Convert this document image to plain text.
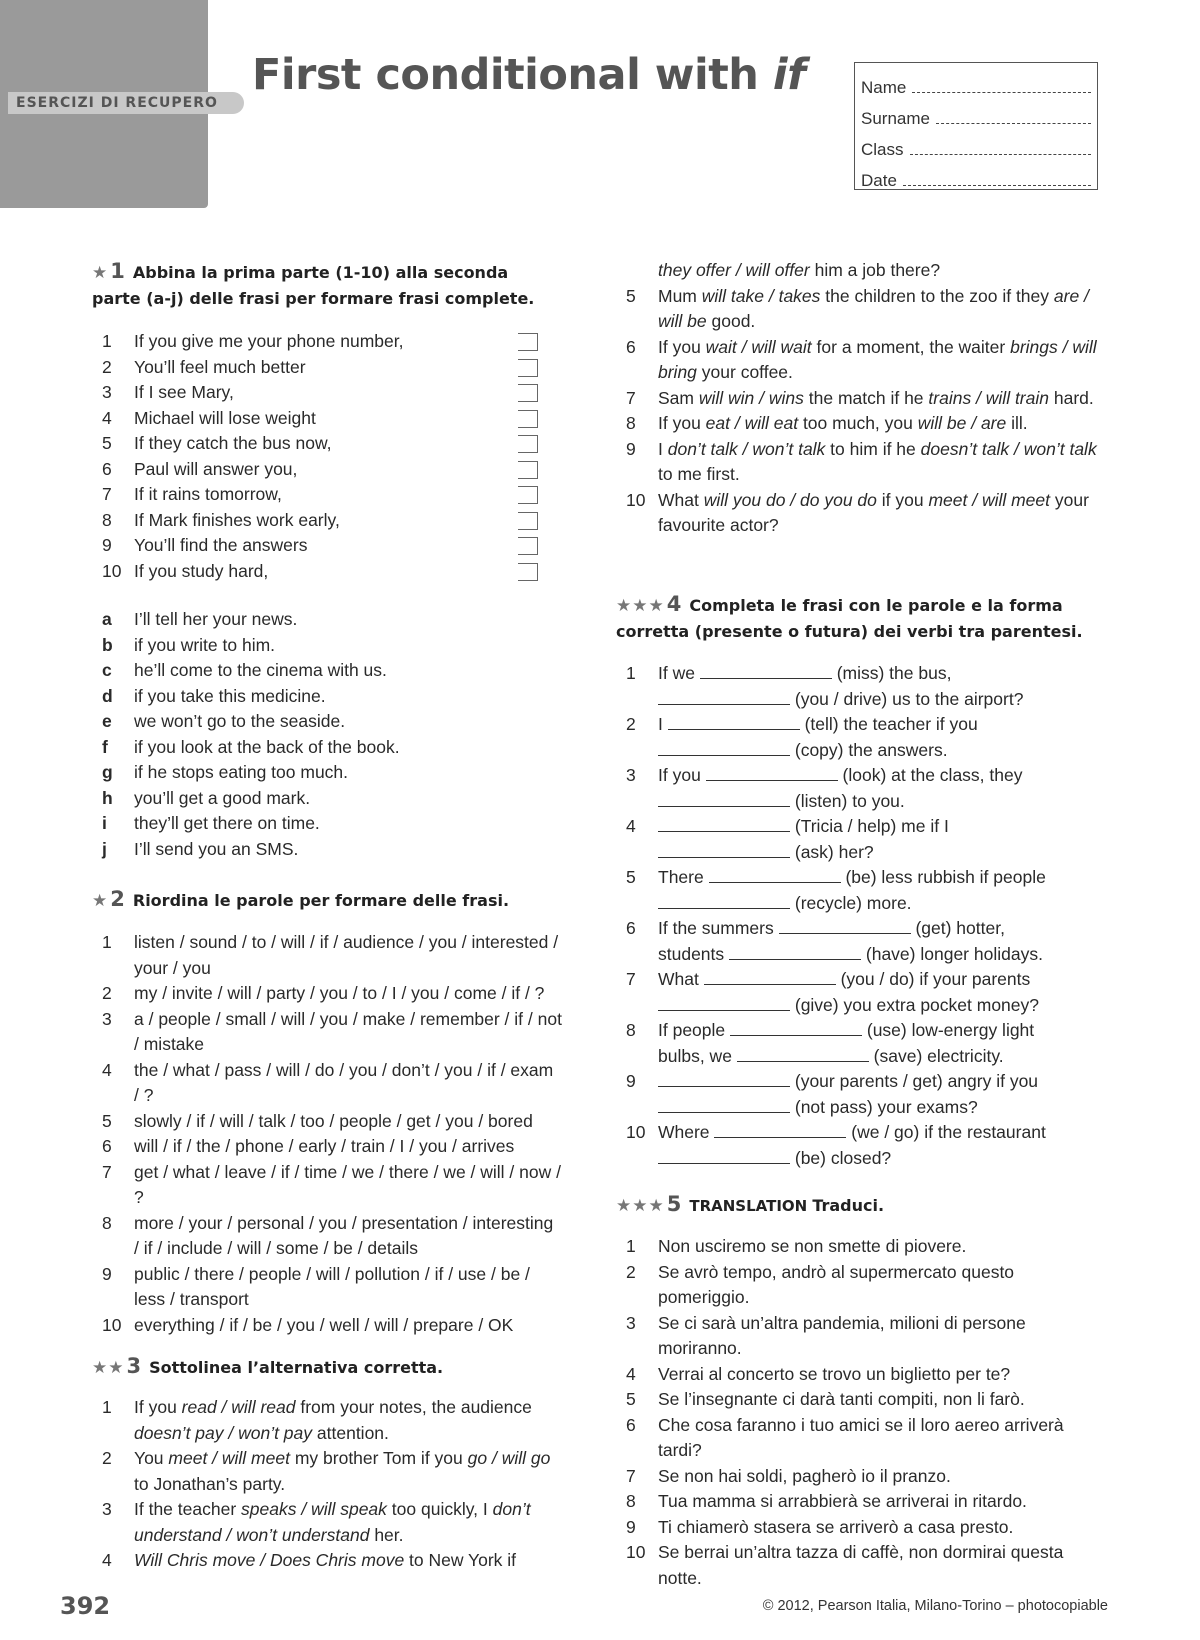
ESERCIZI DI RECUPERO
First conditional with if	Name
Surname
Class
Date
★1 Abbina la prima parte (1-10) alla seconda parte (a-j) delle frasi per formare frasi complete.
1	If you give me your phone number,
2	You’ll feel much better
3	If I see Mary,
4	Michael will lose weight
5	If they catch the bus now,
6	Paul will answer you,
7	If it rains tomorrow,
8	If Mark finishes work early,
9	You’ll find the answers
10 If you study hard,
a I’ll tell her your news.
b if you write to him.
c he’ll come to the cinema with us.
d if you take this medicine.
e we won’t go to the seaside.
f if you look at the back of the book.
g if he stops eating too much.
h you’ll get a good mark.
i they’ll get there on time.
j I’ll send you an SMS.
★2 Riordina le parole per formare delle frasi.
1	listen / sound / to / will / if / audience / you / interested / your / you
2	my / invite / will / party / you / to / I / you / come / if / ?
3	a / people / small / will / you / make / remember / if / not / mistake
4	the / what / pass / will / do / you / don’t / you / if / exam / ?
5	slowly / if / will / talk / too / people / get / you / bored
6	will / if / the / phone / early / train / I / you / arrives
7	get / what / leave / if / time / we / there / we / will / now / ?
8	more / your / personal / you / presentation / interesting / if / include / will / some / be / details
9	public / there / people / will / pollution / if / use / be / less / transport
10 everything / if / be / you / well / will / prepare / OK
★★3 Sottolinea l’alternativa corretta.
1	If you read / will read from your notes, the audience doesn’t pay / won’t pay attention.
2	You meet / will meet my brother Tom if you go / will go to Jonathan’s party.
3	If the teacher speaks / will speak too quickly, I don’t understand / won’t understand her.
4	Will Chris move / Does Chris move to New York if
they offer / will offer him a job there?
5	Mum will take / takes the children to the zoo if they are / will be good.
6	If you wait / will wait for a moment, the waiter brings / will bring your coffee.
7	Sam will win / wins the match if he trains / will train hard.
8	If you eat / will eat too much, you will be / are ill.
9	I don’t talk / won’t talk to him if he doesn’t talk / won’t talk to me first.
10 What will you do / do you do if you meet / will meet your favourite actor?
★★★4 Completa le frasi con le parole e la forma corretta (presente o futura) dei verbi tra parentesi.
1	If we	(miss) the bus,
(you / drive) us to the airport?
2	I	(tell) the teacher if you
(copy) the answers.
3	If you	(look) at the class, they
(listen) to you.
4	(Tricia / help) me if I
(ask) her?
5	There	(be) less rubbish if people
(recycle) more.
6	If the summers	(get) hotter,
students	(have) longer holidays.
7	What	(you / do) if your parents
(give) you extra pocket money?
8	If people	(use) low-energy light
bulbs, we	(save) electricity.
9	(your parents / get) angry if you
(not pass) your exams?
10 Where	(we / go) if the restaurant
(be) closed?
★★★5 TRANSLATION Traduci.
1	Non usciremo se non smette di piovere.
2	Se avrò tempo, andrò al supermercato questo pomeriggio.
3	Se ci sarà un’altra pandemia, milioni di persone moriranno.
4	Verrai al concerto se trovo un biglietto per te?
5	Se l’insegnante ci darà tanti compiti, non li farò.
6	Che cosa faranno i tuo amici se il loro aereo arriverà tardi?
7	Se non hai soldi, pagherò io il pranzo.
8	Tua mamma si arrabbierà se arriverai in ritardo.
9	Ti chiamerò stasera se arriverò a casa presto.
10 Se berrai un’altra tazza di caffè, non dormirai questa notte.
392	© 2012, Pearson Italia, Milano-Torino – photocopiable
